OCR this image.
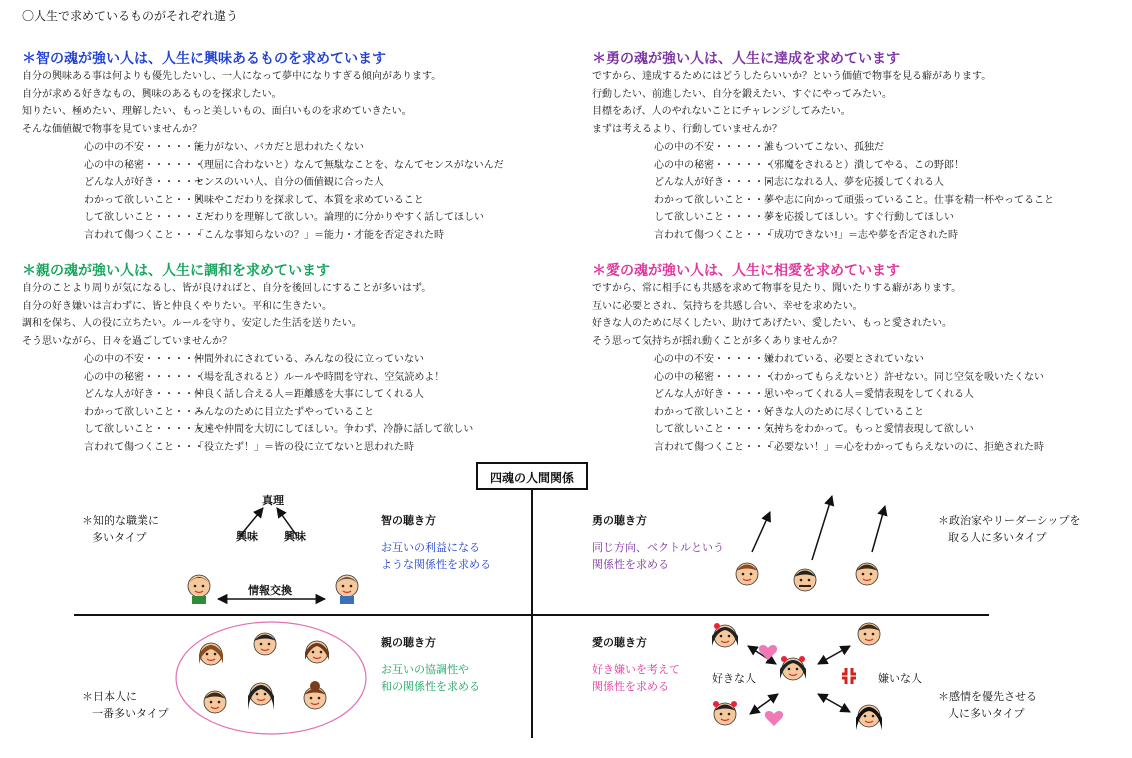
〇人生で求めているものがそれぞれ違う
＊智の魂が強い人は、人生に興味あるものを求めています

自分の興味ある事は何よりも優先したいし、一人になって夢中になりすぎる傾向があります。

自分が求める好きなもの、興味のあるものを探求したい。

知りたい、極めたい、理解したい、もっと美しいもの、面白いものを求めていきたい。

そんな価値観で物事を見ていませんか？

心の中の不安・・・・・・
能力がない、バカだと思われたくない
心の中の秘密・・・・・・
（理屈に合わないと）なんて無駄なことを、なんてセンスがないんだ
どんな人が好き・・・・・
センスのいい人、自分の価値観に合った人
わかって欲しいこと・・・
興味やこだわりを探求して、本質を求めていること
して欲しいこと・・・・・・
こだわりを理解して欲しい。論理的に分かりやすく話してほしい
言われて傷つくこと・・・
「こんな事知らないの？」＝能力・才能を否定された時
＊勇の魂が強い人は、人生に達成を求めています

ですから、達成するためにはどうしたらいいか？という価値で物事を見る癖があります。

行動したい、前進したい、自分を鍛えたい、すぐにやってみたい。

目標をあげ、人のやれないことにチャレンジしてみたい。

まずは考えるより、行動していませんか？

心の中の不安・・・・・・
誰もついてこない、孤独だ
心の中の秘密・・・・・・
（邪魔をされると）潰してやる、この野郎！
どんな人が好き・・・・・
同志になれる人、夢を応援してくれる人
わかって欲しいこと・・・
夢や志に向かって頑張っていること。仕事を精一杯やってること
して欲しいこと・・・・・・
夢を応援してほしい。すぐ行動してほしい
言われて傷つくこと・・・
「成功できない!」＝志や夢を否定された時
＊親の魂が強い人は、人生に調和を求めています

自分のことより周りが気になるし、皆が良ければと、自分を後回しにすることが多いはず。

自分の好き嫌いは言わずに、皆と仲良くやりたい。平和に生きたい。

調和を保ち、人の役に立ちたい。ルールを守り、安定した生活を送りたい。

そう思いながら、日々を過ごしていませんか？

心の中の不安・・・・・・
仲間外れにされている、みんなの役に立っていない
心の中の秘密・・・・・・
（場を乱されると）ルールや時間を守れ、空気読めよ！
どんな人が好き・・・・・
仲良く話し合える人＝距離感を大事にしてくれる人
わかって欲しいこと・・・
みんなのために目立たずやっていること
して欲しいこと・・・・・・
友達や仲間を大切にしてほしい。争わず、冷静に話して欲しい
言われて傷つくこと・・・
「役立たず！」＝皆の役に立てないと思われた時
＊愛の魂が強い人は、人生に相愛を求めています

ですから、常に相手にも共感を求めて物事を見たり、聞いたりする癖があります。

互いに必要とされ、気持ちを共感し合い、幸せを求めたい。

好きな人のために尽くしたい、助けてあげたい、愛したい、もっと愛されたい。

そう思って気持ちが揺れ動くことが多くありませんか？

心の中の不安・・・・・・
嫌われている、必要とされていない
心の中の秘密・・・・・・
（わかってもらえないと）許せない。同じ空気を吸いたくない
どんな人が好き・・・・・
思いやってくれる人＝愛情表現をしてくれる人
わかって欲しいこと・・・
好きな人のために尽くしていること
して欲しいこと・・・・・・
気持ちをわかって。もっと愛情表現して欲しい
言われて傷つくこと・・・
「必要ない！」＝心をわかってもらえないのに、拒絶された時
四魂の人間関係
＊知的な職業に
多いタイプ
真理
興味 興味
情報交換
智の聴き方
お互いの利益になる
ような関係性を求める
勇の聴き方
同じ方向、ベクトルという
関係性を求める
＊政治家やリーダーシップを
取る人に多いタイプ
＊日本人に
一番多いタイプ
親の聴き方
お互いの協調性や
和の関係性を求める
愛の聴き方
好き嫌いを考えて
関係性を求める
好きな人	嫌いな人
＊感情を優先させる
人に多いタイプ
